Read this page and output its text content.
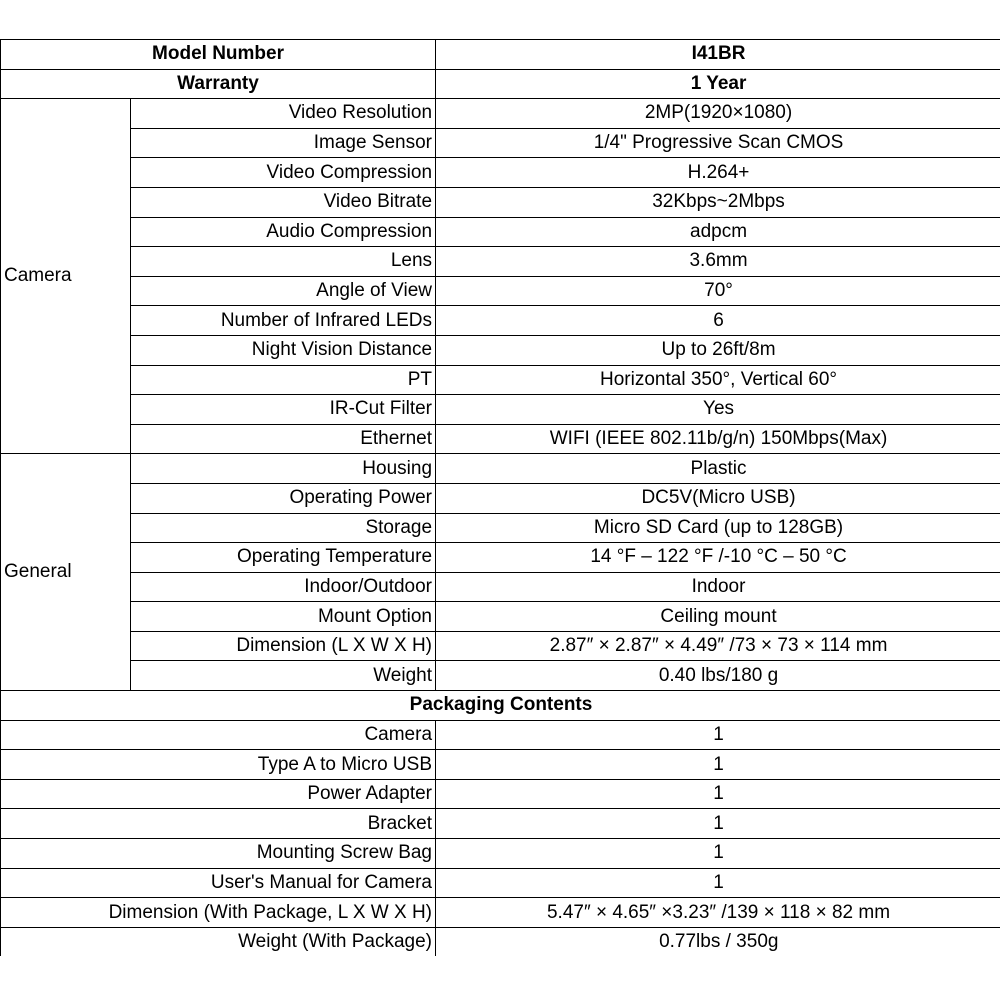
Model Number		I41BR
Warranty		1 Year
Camera	Video Resolution	2MP(1920×1080)
	Image Sensor	1/4" Progressive Scan CMOS
	Video Compression	H.264+
	Video Bitrate	32Kbps~2Mbps
	Audio Compression	adpcm
	Lens	3.6mm
	Angle of View	70°
	Number of Infrared LEDs	6
	Night Vision Distance	Up to 26ft/8m
	PT	Horizontal 350°, Vertical 60°
	IR-Cut Filter	Yes
	Ethernet	WIFI (IEEE 802.11b/g/n) 150Mbps(Max)
General	Housing	Plastic
	Operating Power	DC5V(Micro USB)
	Storage	Micro SD Card (up to 128GB)
	Operating Temperature	14 °F – 122 °F /-10 °C – 50 °C
	Indoor/Outdoor	Indoor
	Mount Option	Ceiling mount
	Dimension (L X W X H)	2.87″ × 2.87″ × 4.49″ /73 × 73 × 114 mm
	Weight	0.40 lbs/180 g
Packaging Contents		
Camera		1
Type A to Micro USB		1
Power Adapter		1
Bracket		1
Mounting Screw Bag		1
User's Manual for Camera		1
Dimension (With Package, L X W X H)		5.47″ × 4.65″ ×3.23″ /139 × 118 × 82 mm
Weight (With Package)		0.77lbs / 350g
